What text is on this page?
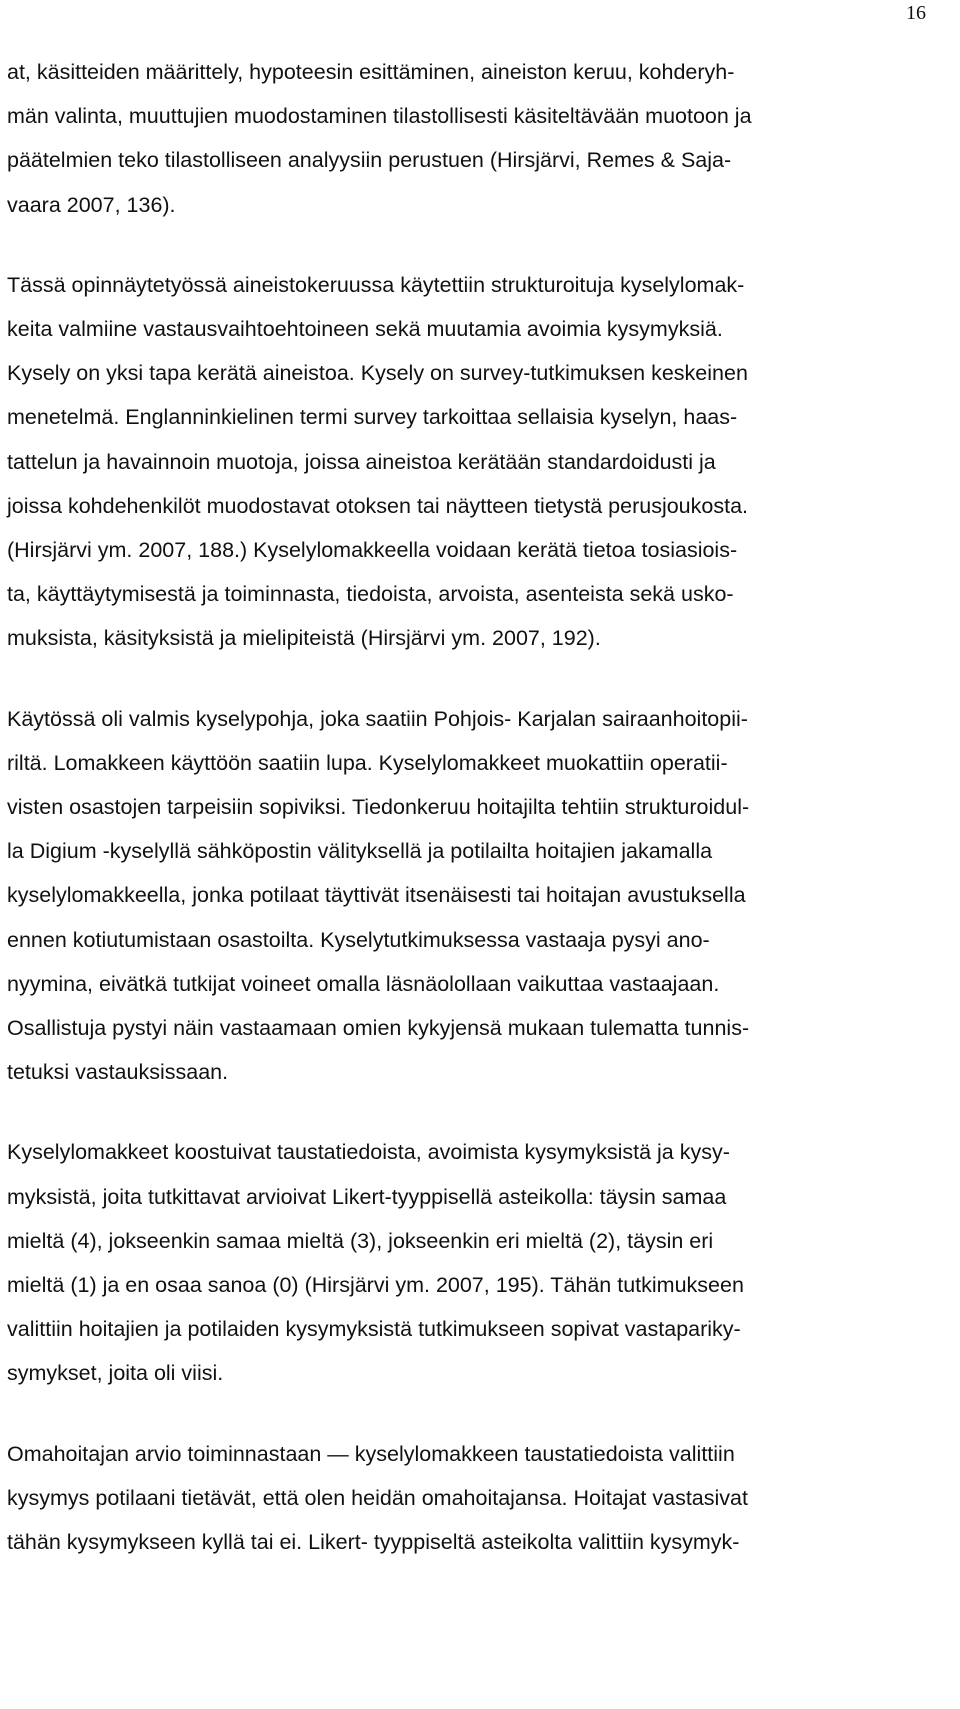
16

at, käsitteiden määrittely, hypoteesin esittäminen, aineiston keruu, kohderyh-
män valinta, muuttujien muodostaminen tilastollisesti käsiteltävään muotoon ja
päätelmien teko tilastolliseen analyysiin perustuen (Hirsjärvi, Remes & Saja-
vaara 2007, 136).

Tässä opinnäytetyössä aineistokeruussa käytettiin strukturoituja kyselylomak-
keita valmiine vastausvaihtoehtoineen sekä muutamia avoimia kysymyksiä.
Kysely on yksi tapa kerätä aineistoa. Kysely on survey-tutkimuksen keskeinen
menetelmä. Englanninkielinen termi survey tarkoittaa sellaisia kyselyn, haas-
tattelun ja havainnoin muotoja, joissa aineistoa kerätään standardoidusti ja
joissa kohdehenkilöt muodostavat otoksen tai näytteen tietystä perusjoukosta.
(Hirsjärvi ym. 2007, 188.) Kyselylomakkeella voidaan kerätä tietoa tosiasiois-
ta, käyttäytymisestä ja toiminnasta, tiedoista, arvoista, asenteista sekä usko-
muksista, käsityksistä ja mielipiteistä (Hirsjärvi ym. 2007, 192).

Käytössä oli valmis kyselypohja, joka saatiin Pohjois- Karjalan sairaanhoitopii-
riltä. Lomakkeen käyttöön saatiin lupa. Kyselylomakkeet muokattiin operatii-
visten osastojen tarpeisiin sopiviksi. Tiedonkeruu hoitajilta tehtiin strukturoidul-
la Digium -kyselyllä sähköpostin välityksellä ja potilailta hoitajien jakamalla
kyselylomakkeella, jonka potilaat täyttivät itsenäisesti tai hoitajan avustuksella
ennen kotiutumistaan osastoilta. Kyselytutkimuksessa vastaaja pysyi ano-
nyymina, eivätkä tutkijat voineet omalla läsnäolollaan vaikuttaa vastaajaan.
Osallistuja pystyi näin vastaamaan omien kykyjensä mukaan tulematta tunnis-
tetuksi vastauksissaan.

Kyselylomakkeet koostuivat taustatiedoista, avoimista kysymyksistä ja kysy-
myksistä, joita tutkittavat arvioivat Likert-tyyppisellä asteikolla: täysin samaa
mieltä (4), jokseenkin samaa mieltä (3), jokseenkin eri mieltä (2), täysin eri
mieltä (1) ja en osaa sanoa (0) (Hirsjärvi ym. 2007, 195). Tähän tutkimukseen
valittiin hoitajien ja potilaiden kysymyksistä tutkimukseen sopivat vastapariky-
symykset, joita oli viisi.

Omahoitajan arvio toiminnastaan — kyselylomakkeen taustatiedoista valittiin
kysymys potilaani tietävät, että olen heidän omahoitajansa. Hoitajat vastasivat
tähän kysymykseen kyllä tai ei. Likert- tyyppiseltä asteikolta valittiin kysymyk-
